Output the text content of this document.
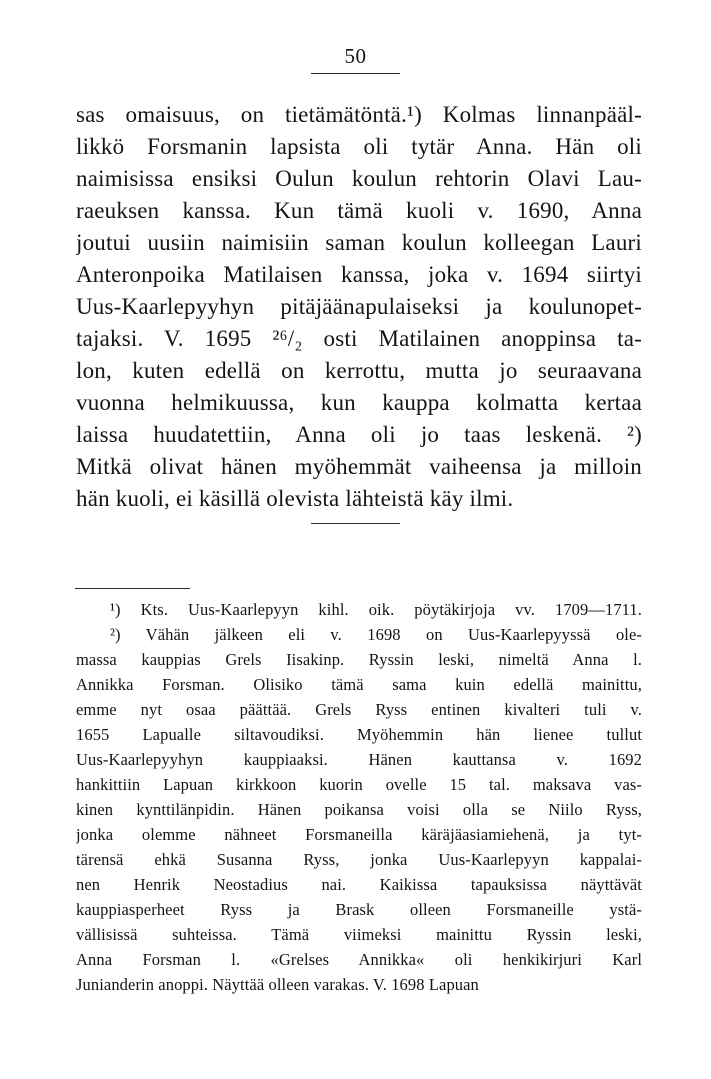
50
sas omaisuus, on tietämätöntä.¹) Kolmas linnanpääl-
likkö Forsmanin lapsista oli tytär Anna. Hän oli
naimisissa ensiksi Oulun koulun rehtorin Olavi Lau-
raeuksen kanssa. Kun tämä kuoli v. 1690, Anna
joutui uusiin naimisiin saman koulun kolleegan Lauri
Anteronpoika Matilaisen kanssa, joka v. 1694 siirtyi
Uus-Kaarlepyyhyn pitäjäänapulaiseksi ja koulunopet-
tajaksi. V. 1695 ²⁶/₂ osti Matilainen anoppinsa ta-
lon, kuten edellä on kerrottu, mutta jo seuraavana
vuonna helmikuussa, kun kauppa kolmatta kertaa
laissa huudatettiin, Anna oli jo taas leskenä. ²)
Mitkä olivat hänen myöhemmät vaiheensa ja milloin
hän kuoli, ei käsillä olevista lähteistä käy ilmi.
¹) Kts. Uus-Kaarlepyyn kihl. oik. pöytäkirjoja vv. 1709—1711.
²) Vähän jälkeen eli v. 1698 on Uus-Kaarlepyyssä ole-
massa kauppias Grels Iisakinp. Ryssin leski, nimeltä Anna l.
Annikka Forsman. Olisiko tämä sama kuin edellä mainittu,
emme nyt osaa päättää. Grels Ryss entinen kivalteri tuli v.
1655 Lapualle siltavoudiksi. Myöhemmin hän lienee tullut
Uus-Kaarlepyyhyn kauppiaaksi. Hänen kauttansa v. 1692
hankittiin Lapuan kirkkoon kuorin ovelle 15 tal. maksava vas-
kinen kynttilänpidin. Hänen poikansa voisi olla se Niilo Ryss,
jonka olemme nähneet Forsmaneilla käräjäasiamiehenä, ja tyt-
tärensä ehkä Susanna Ryss, jonka Uus-Kaarlepyyn kappalai-
nen Henrik Neostadius nai. Kaikissa tapauksissa näyttävät
kauppiasperheet Ryss ja Brask olleen Forsmaneille ystä-
vällisissä suhteissa. Tämä viimeksi mainittu Ryssin leski,
Anna Forsman l. «Grelses Annikka« oli henkikirjuri Karl
Junianderin anoppi. Näyttää olleen varakas. V. 1698 Lapuan
